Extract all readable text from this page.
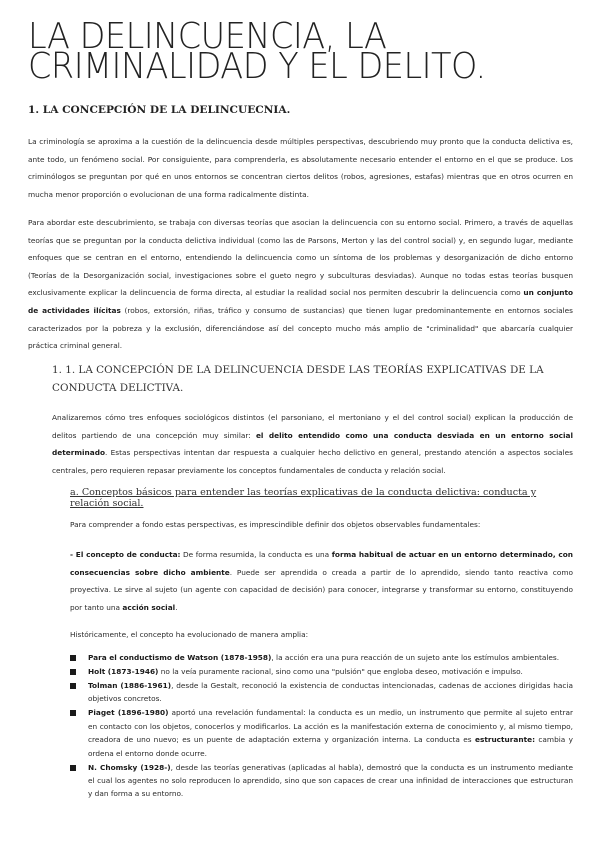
LA DELINCUENCIA, LA CRIMINALIDAD Y EL DELITO.
1. LA CONCEPCIÓN DE LA DELINCUECNIA.

La criminología se aproxima a la cuestión de la delincuencia desde múltiples perspectivas, descubriendo muy pronto que la conducta delictiva es, ante todo, un fenómeno social. Por consiguiente, para comprenderla, es absolutamente necesario entender el entorno en el que se produce. Los criminólogos se preguntan por qué en unos entornos se concentran ciertos delitos (robos, agresiones, estafas) mientras que en otros ocurren en mucha menor proporción o evolucionan de una forma radicalmente distinta.

Para abordar este descubrimiento, se trabaja con diversas teorías que asocian la delincuencia con su entorno social. Primero, a través de aquellas teorías que se preguntan por la conducta delictiva individual (como las de Parsons, Merton y las del control social) y, en segundo lugar, mediante enfoques que se centran en el entorno, entendiendo la delincuencia como un síntoma de los problemas y desorganización de dicho entorno (Teorías de la Desorganización social, investigaciones sobre el gueto negro y subculturas desviadas). Aunque no todas estas teorías busquen exclusivamente explicar la delincuencia de forma directa, al estudiar la realidad social nos permiten descubrir la delincuencia como un conjunto de actividades ilícitas (robos, extorsión, riñas, tráfico y consumo de sustancias) que tienen lugar predominantemente en entornos sociales caracterizados por la pobreza y la exclusión, diferenciándose así del concepto mucho más amplio de "criminalidad" que abarcaría cualquier práctica criminal general.

1. 1. LA CONCEPCIÓN DE LA DELINCUENCIA DESDE LAS TEORÍAS EXPLICATIVAS DE LA CONDUCTA DELICTIVA.

Analizaremos cómo tres enfoques sociológicos distintos (el parsoniano, el mertoniano y el del control social) explican la producción de delitos partiendo de una concepción muy similar: el delito entendido como una conducta desviada en un entorno social determinado. Estas perspectivas intentan dar respuesta a cualquier hecho delictivo en general, prestando atención a aspectos sociales centrales, pero requieren repasar previamente los conceptos fundamentales de conducta y relación social.

a. Conceptos básicos para entender las teorías explicativas de la conducta delictiva: conducta y relación social.

Para comprender a fondo estas perspectivas, es imprescindible definir dos objetos observables fundamentales:

- El concepto de conducta: De forma resumida, la conducta es una forma habitual de actuar en un entorno determinado, con consecuencias sobre dicho ambiente. Puede ser aprendida o creada a partir de lo aprendido, siendo tanto reactiva como proyectiva. Le sirve al sujeto (un agente con capacidad de decisión) para conocer, integrarse y transformar su entorno, constituyendo por tanto una acción social.

Históricamente, el concepto ha evolucionado de manera amplia:

Para el conductismo de Watson (1878-1958), la acción era una pura reacción de un sujeto ante los estímulos ambientales.
Holt (1873-1946) no la veía puramente racional, sino como una "pulsión" que engloba deseo, motivación e impulso.
Tolman (1886-1961), desde la Gestalt, reconoció la existencia de conductas intencionadas, cadenas de acciones dirigidas hacia objetivos concretos.
Piaget (1896-1980) aportó una revelación fundamental: la conducta es un medio, un instrumento que permite al sujeto entrar en contacto con los objetos, conocerlos y modificarlos. La acción es la manifestación externa de conocimiento y, al mismo tiempo, creadora de uno nuevo; es un puente de adaptación externa y organización interna. La conducta es estructurante: cambia y ordena el entorno donde ocurre.
N. Chomsky (1928-), desde las teorías generativas (aplicadas al habla), demostró que la conducta es un instrumento mediante el cual los agentes no solo reproducen lo aprendido, sino que son capaces de crear una infinidad de interacciones que estructuran y dan forma a su entorno.
